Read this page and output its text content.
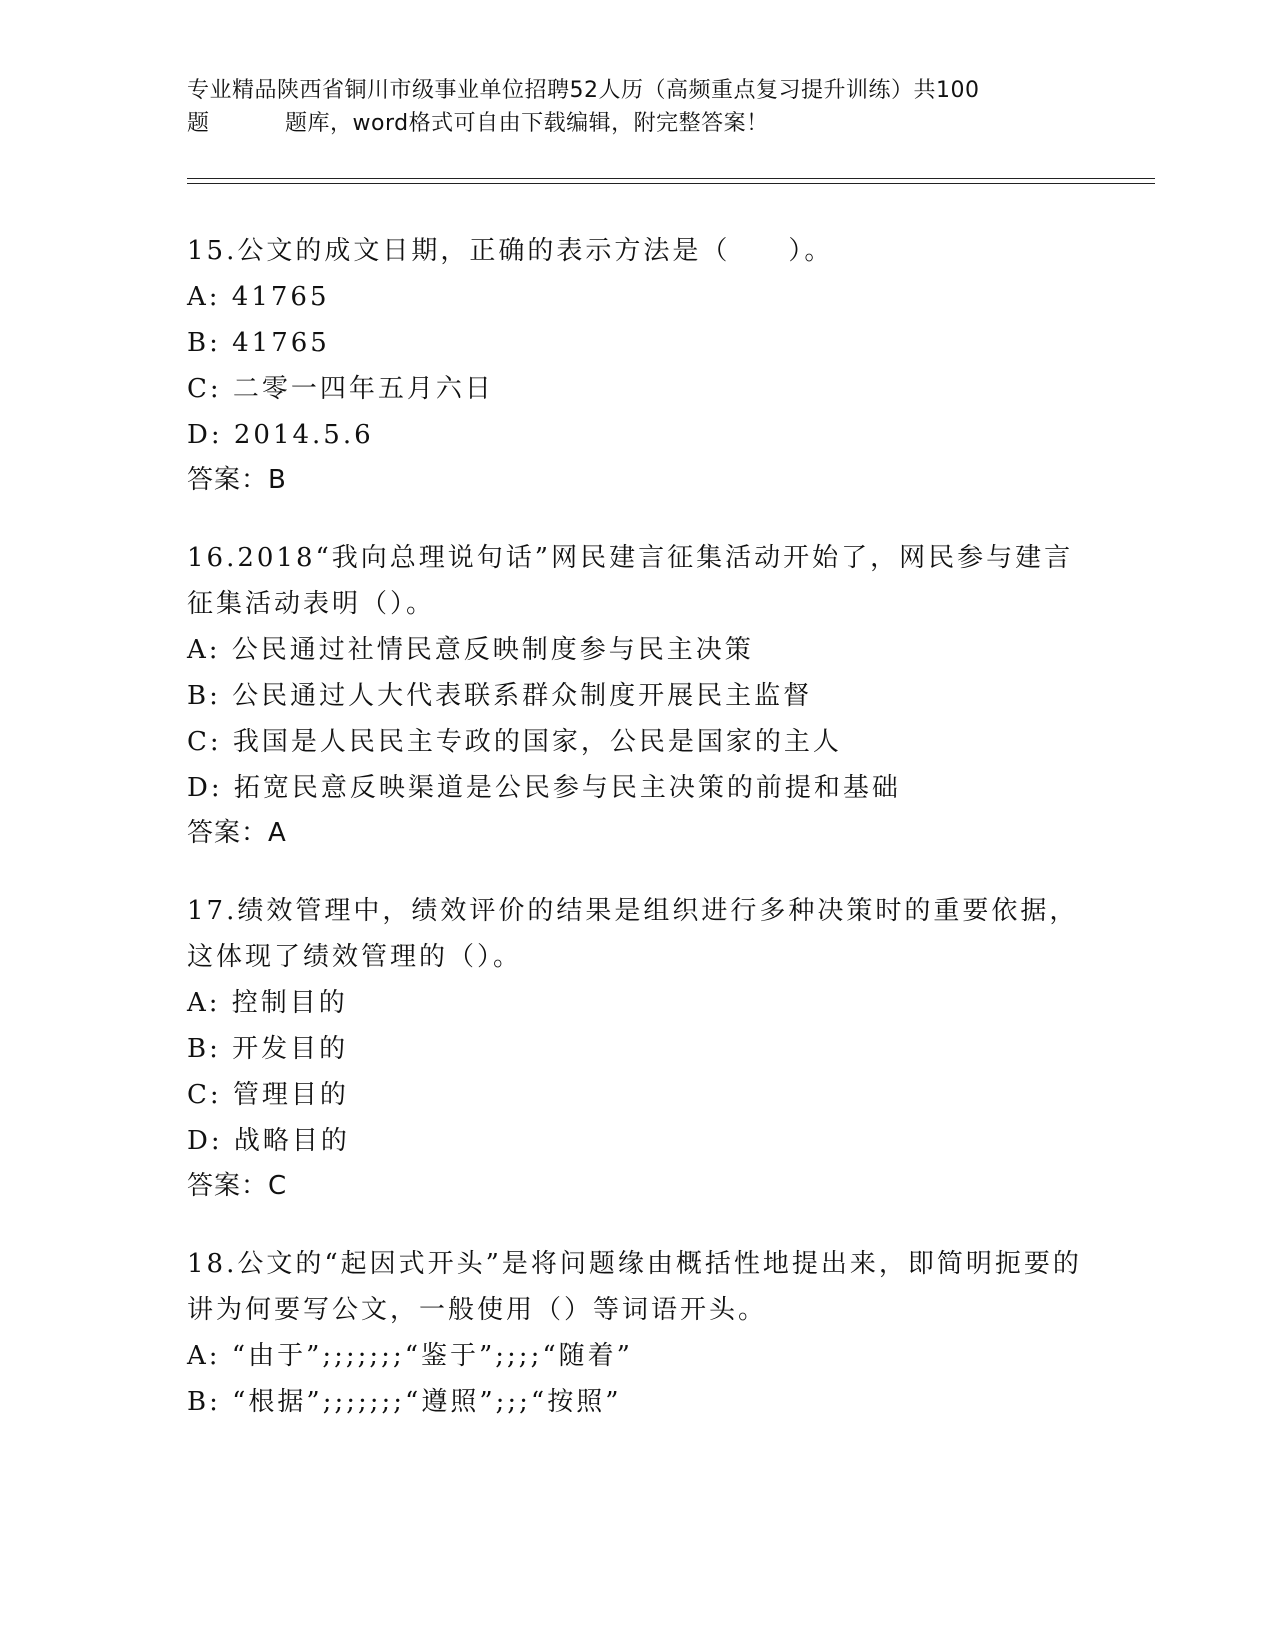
专业精品陕西省铜川市级事业单位招聘52人历（高频重点复习提升训练）共100
题	题库，word格式可自由下载编辑，附完整答案！
15.公文的成文日期，正确的表示方法是（　　）。
A: 41765
B: 41765
C: 二零一四年五月六日
D: 2014.5.6
答案：B
16.2018“我向总理说句话”网民建言征集活动开始了，网民参与建言征集活动表明（）。
A: 公民通过社情民意反映制度参与民主决策
B: 公民通过人大代表联系群众制度开展民主监督
C: 我国是人民民主专政的国家，公民是国家的主人
D: 拓宽民意反映渠道是公民参与民主决策的前提和基础
答案：A
17.绩效管理中，绩效评价的结果是组织进行多种决策时的重要依据，这体现了绩效管理的（）。
A: 控制目的
B: 开发目的
C: 管理目的
D: 战略目的
答案：C
18.公文的“起因式开头”是将问题缘由概括性地提出来，即简明扼要的讲为何要写公文，一般使用（）等词语开头。
A: “由于”;;;;;;;“鉴于”;;;;“随着”
B: “根据”;;;;;;;“遵照”;;;“按照”
